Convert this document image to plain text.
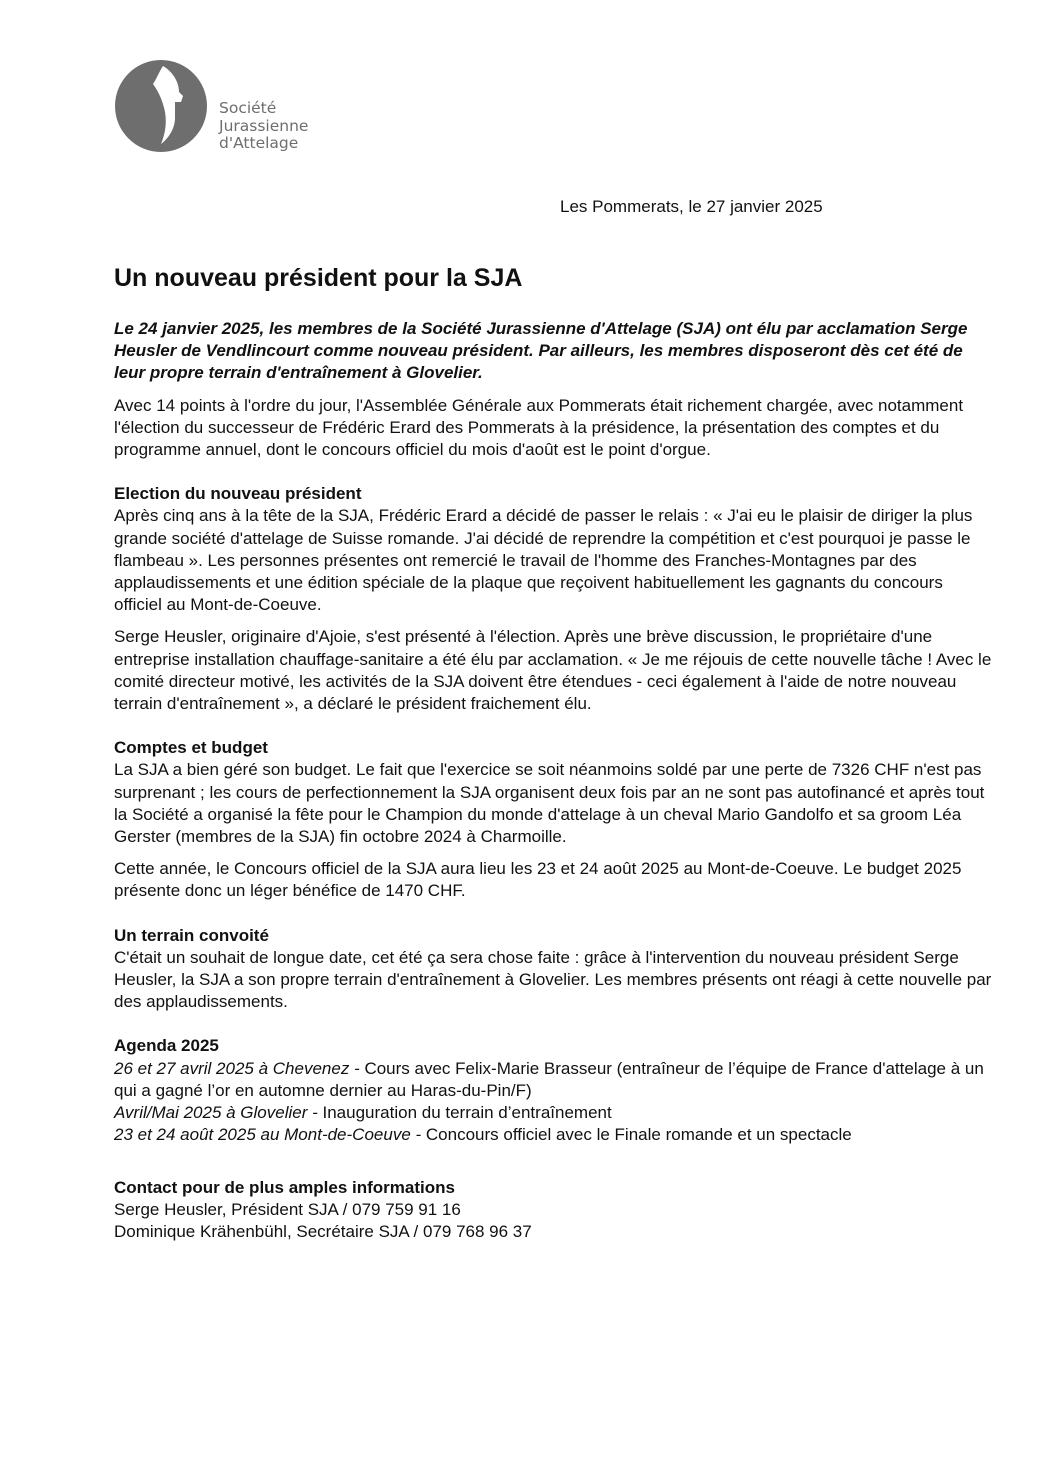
Société
Jurassienne
d'Attelage
Les Pommerats, le 27 janvier 2025
Un nouveau président pour la SJA

Le 24 janvier 2025, les membres de la Société Jurassienne d'Attelage (SJA) ont élu par acclamation Serge Heusler de Vendlincourt comme nouveau président. Par ailleurs, les membres disposeront dès cet été de leur propre terrain d'entraînement à Glovelier.

Avec 14 points à l'ordre du jour, l'Assemblée Générale aux Pommerats était richement chargée, avec notamment l'élection du successeur de Frédéric Erard des Pommerats à la présidence, la présentation des comptes et du programme annuel, dont le concours officiel du mois d'août est le point d'orgue.

Election du nouveau président

Après cinq ans à la tête de la SJA, Frédéric Erard a décidé de passer le relais : « J'ai eu le plaisir de diriger la plus grande société d'attelage de Suisse romande. J'ai décidé de reprendre la compétition et c'est pourquoi je passe le flambeau ». Les personnes présentes ont remercié le travail de l'homme des Franches-Montagnes par des applaudissements et une édition spéciale de la plaque que reçoivent habituellement les gagnants du concours officiel au Mont-de-Coeuve.

Serge Heusler, originaire d'Ajoie, s'est présenté à l'élection. Après une brève discussion, le propriétaire d'une entreprise installation chauffage-sanitaire a été élu par acclamation. « Je me réjouis de cette nouvelle tâche ! Avec le comité directeur motivé, les activités de la SJA doivent être étendues - ceci également à l'aide de notre nouveau terrain d'entraînement », a déclaré le président fraichement élu.

Comptes et budget

La SJA a bien géré son budget. Le fait que l'exercice se soit néanmoins soldé par une perte de 7326 CHF n'est pas surprenant ; les cours de perfectionnement la SJA organisent deux fois par an ne sont pas autofinancé et après tout la Société a organisé la fête pour le Champion du monde d'attelage à un cheval Mario Gandolfo et sa groom Léa Gerster (membres de la SJA) fin octobre 2024 à Charmoille.

Cette année, le Concours officiel de la SJA aura lieu les 23 et 24 août 2025 au Mont-de-Coeuve. Le budget 2025 présente donc un léger bénéfice de 1470 CHF.

Un terrain convoité

C'était un souhait de longue date, cet été ça sera chose faite : grâce à l'intervention du nouveau président Serge Heusler, la SJA a son propre terrain d'entraînement à Glovelier. Les membres présents ont réagi à cette nouvelle par des applaudissements.

Agenda 2025
26 et 27 avril 2025 à Chevenez - Cours avec Felix-Marie Brasseur (entraîneur de l’équipe de France d'attelage à un qui a gagné l’or en automne dernier au Haras-du-Pin/F)
Avril/Mai 2025 à Glovelier - Inauguration du terrain d’entraînement
23 et 24 août 2025 au Mont-de-Coeuve - Concours officiel avec le Finale romande et un spectacle
Contact pour de plus amples informations
Serge Heusler, Président SJA / 079 759 91 16
Dominique Krähenbühl, Secrétaire SJA / 079 768 96 37
